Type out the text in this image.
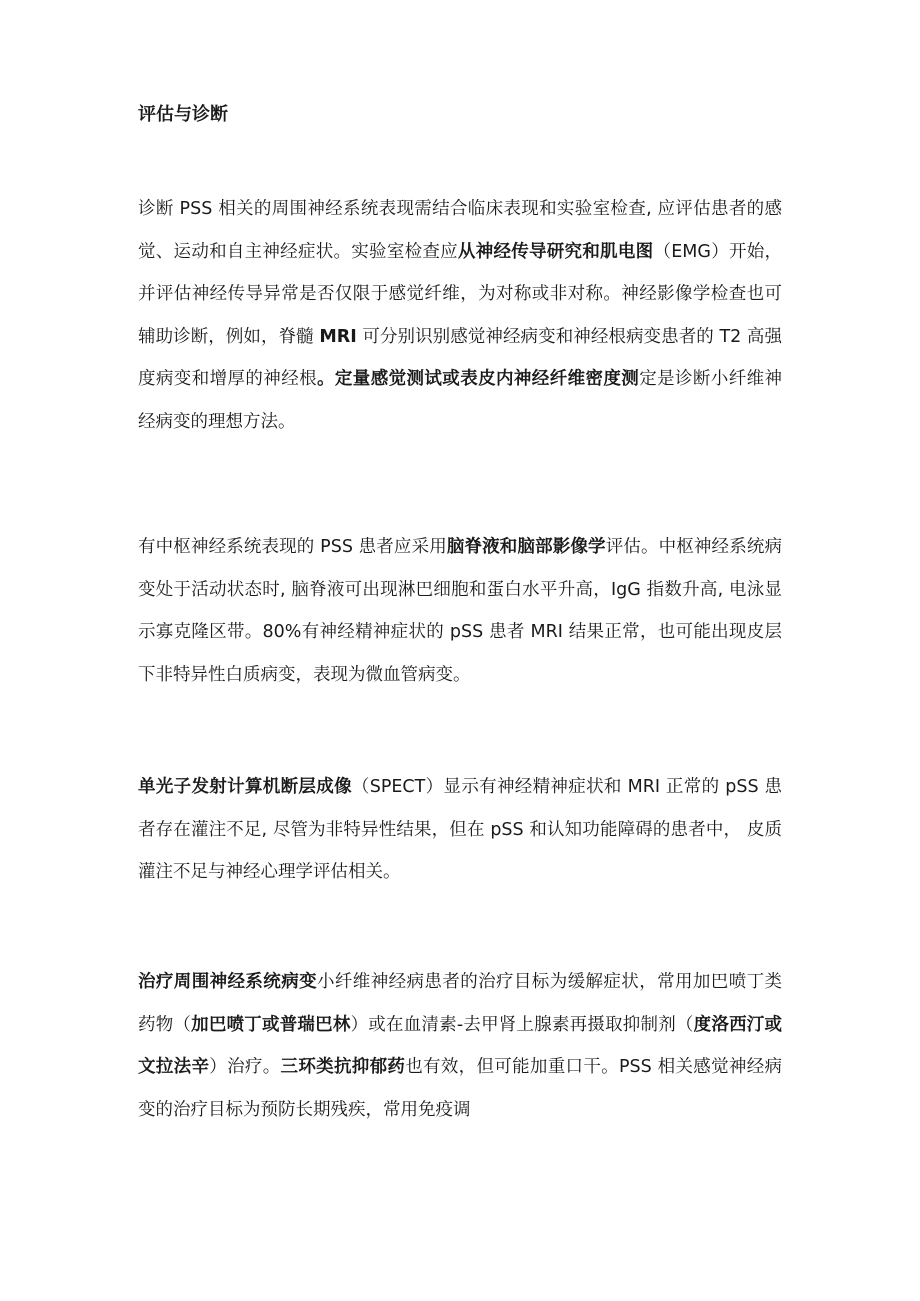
评估与诊断

诊断 PSS 相关的周围神经系统表现需结合临床表现和实验室检查, 应评估患者的感觉、运动和自主神经症状。实验室检查应从神经传导研究和肌电图（EMG）开始，并评估神经传导异常是否仅限于感觉纤维，为对称或非对称。神经影像学检查也可辅助诊断，例如，脊髓 MRI 可分别识别感觉神经病变和神经根病变患者的 T2 高强度病变和增厚的神经根。定量感觉测试或表皮内神经纤维密度测定是诊断小纤维神经病变的理想方法。

有中枢神经系统表现的 PSS 患者应采用脑脊液和脑部影像学评估。中枢神经系统病变处于活动状态时, 脑脊液可出现淋巴细胞和蛋白水平升高，IgG 指数升高, 电泳显示寡克隆区带。80%有神经精神症状的 pSS 患者 MRI 结果正常，也可能出现皮层下非特异性白质病变，表现为微血管病变。

单光子发射计算机断层成像（SPECT）显示有神经精神症状和 MRI 正常的 pSS 患者存在灌注不足, 尽管为非特异性结果，但在 pSS 和认知功能障碍的患者中， 皮质灌注不足与神经心理学评估相关。

治疗周围神经系统病变小纤维神经病患者的治疗目标为缓解症状，常用加巴喷丁类药物（加巴喷丁或普瑞巴林）或在血清素-去甲肾上腺素再摄取抑制剂（度洛西汀或文拉法辛）治疗。三环类抗抑郁药也有效，但可能加重口干。PSS 相关感觉神经病变的治疗目标为预防长期残疾，常用免疫调
